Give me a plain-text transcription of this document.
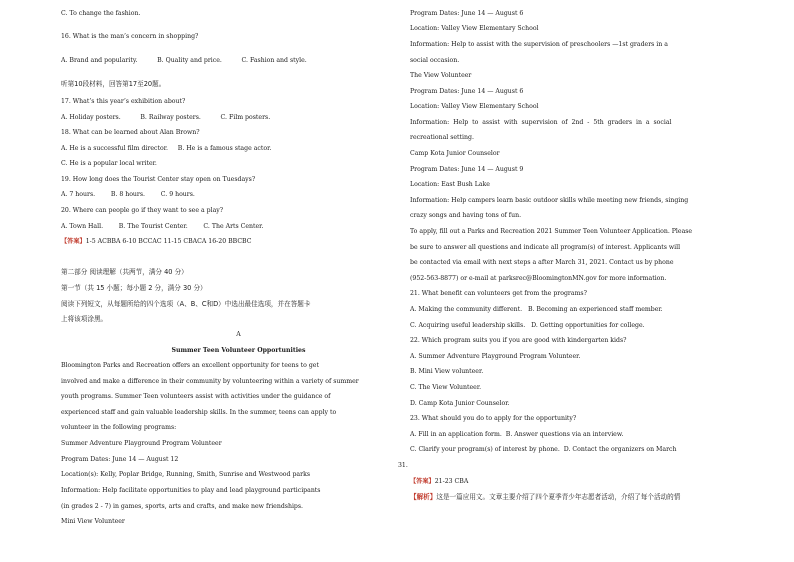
C. To change the fashion.
16. What is the man’s concern in shopping?
A. Brand and popularity.          B. Quality and price.          C. Fashion and style.
听第10段材料，回答第17至20题。
17. What’s this year’s exhibition about?
A. Holiday posters.          B. Railway posters.          C. Film posters.
18. What can be learned about Alan Brown?
A. He is a successful film director.     B. He is a famous stage actor.
C. He is a popular local writer.
19. How long does the Tourist Center stay open on Tuesdays?
A. 7 hours.        B. 8 hours.        C. 9 hours.
20. Where can people go if they want to see a play?
A. Town Hall.        B. The Tourist Center.        C. The Arts Center.
【答案】1-5 ACBBA 6-10 BCCAC 11-15 CBACA 16-20 BBCBC
第二部分 阅读理解（共两节，满分 40 分）
第一节（共 15 小题；每小题 2 分，满分 30 分）
阅读下列短文，从每题所给的四个选项（A、B、C和D）中选出最佳选项，并在答题卡
上将该项涂黑。
A
Summer Teen Volunteer Opportunities
Bloomington Parks and Recreation offers an excellent opportunity for teens to get
involved and make a difference in their community by volunteering within a variety of summer
youth programs. Summer Teen volunteers assist with activities under the guidance of
experienced staff and gain valuable leadership skills. In the summer, teens can apply to
volunteer in the following programs:
Summer Adventure Playground Program Volunteer
Program Dates: June 14 — August 12
Location(s): Kelly, Poplar Bridge, Running, Smith, Sunrise and Westwood parks
Information: Help facilitate opportunities to play and lead playground participants
(in grades 2 - 7) in games, sports, arts and crafts, and make new friendships.
Mini View Volunteer
Program Dates: June 14 — August 6
Location: Valley View Elementary School
Information: Help to assist with the supervision of preschoolers —1st graders in a
social occasion.
The View Volunteer
Program Dates: June 14 — August 6
Location: Valley View Elementary School
Information:  Help  to  assist  with  supervision  of  2nd  -  5th  graders  in  a  social
recreational setting.
Camp Kota Junior Counselor
Program Dates: June 14 — August 9
Location: East Bush Lake
Information: Help campers learn basic outdoor skills while meeting new friends, singing
crazy songs and having tons of fun.
To apply, fill out a Parks and Recreation 2021 Summer Teen Volunteer Application. Please
be sure to answer all questions and indicate all program(s) of interest. Applicants will
be contacted via email with next steps a after March 31, 2021. Contact us by phone
(952-563-8877) or e-mail at parksrec@BloomingtonMN.gov for more information.
21. What benefit can volunteers get from the programs?
A. Making the community different.   B. Becoming an experienced staff member.
C. Acquiring useful leadership skills.   D. Getting opportunities for college.
22. Which program suits you if you are good with kindergarten kids?
A. Summer Adventure Playground Program Volunteer.
B. Mini View volunteer.
C. The View Volunteer.
D. Camp Kota Junior Counselor.
23. What should you do to apply for the opportunity?
A. Fill in an application form.  B. Answer questions via an interview.
C. Clarify your program(s) of interest by phone.  D. Contact the organizers on March
31.
【答案】21-23 CBA
【解析】这是一篇应用文。文章主要介绍了四个夏季青少年志愿者活动，介绍了每个活动的情
